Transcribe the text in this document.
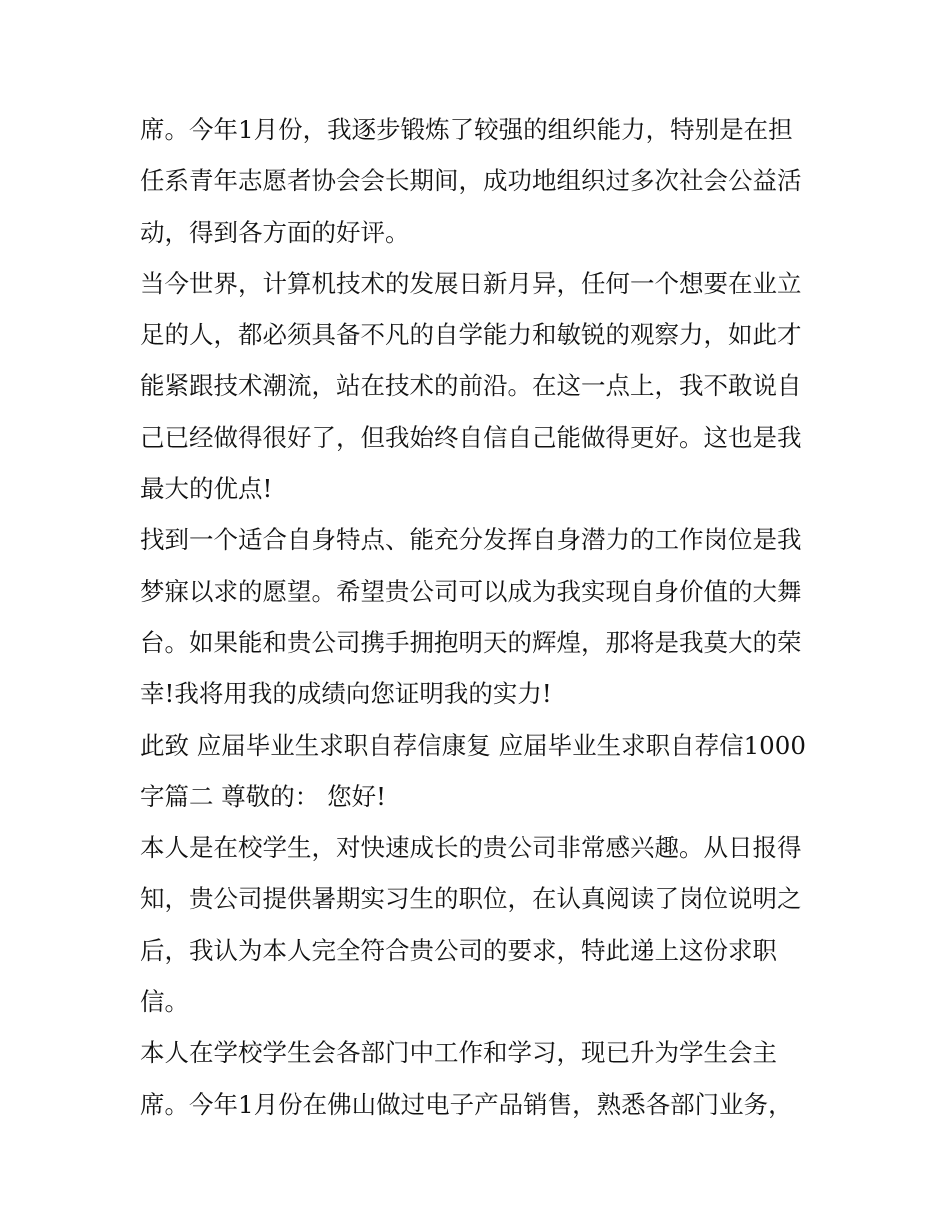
席。今年1月份，我逐步锻炼了较强的组织能力，特别是在担
任系青年志愿者协会会长期间，成功地组织过多次社会公益活
动，得到各方面的好评。
当今世界，计算机技术的发展日新月异，任何一个想要在业立
足的人，都必须具备不凡的自学能力和敏锐的观察力，如此才
能紧跟技术潮流，站在技术的前沿。在这一点上，我不敢说自
己已经做得很好了，但我始终自信自己能做得更好。这也是我
最大的优点!
找到一个适合自身特点、能充分发挥自身潜力的工作岗位是我
梦寐以求的愿望。希望贵公司可以成为我实现自身价值的大舞
台。如果能和贵公司携手拥抱明天的辉煌，那将是我莫大的荣
幸!我将用我的成绩向您证明我的实力!
此致 应届毕业生求职自荐信康复 应届毕业生求职自荐信1000
字篇二 尊敬的： 您好!
本人是在校学生，对快速成长的贵公司非常感兴趣。从日报得
知，贵公司提供暑期实习生的职位，在认真阅读了岗位说明之
后，我认为本人完全符合贵公司的要求，特此递上这份求职
信。
本人在学校学生会各部门中工作和学习，现已升为学生会主
席。今年1月份在佛山做过电子产品销售，熟悉各部门业务，
